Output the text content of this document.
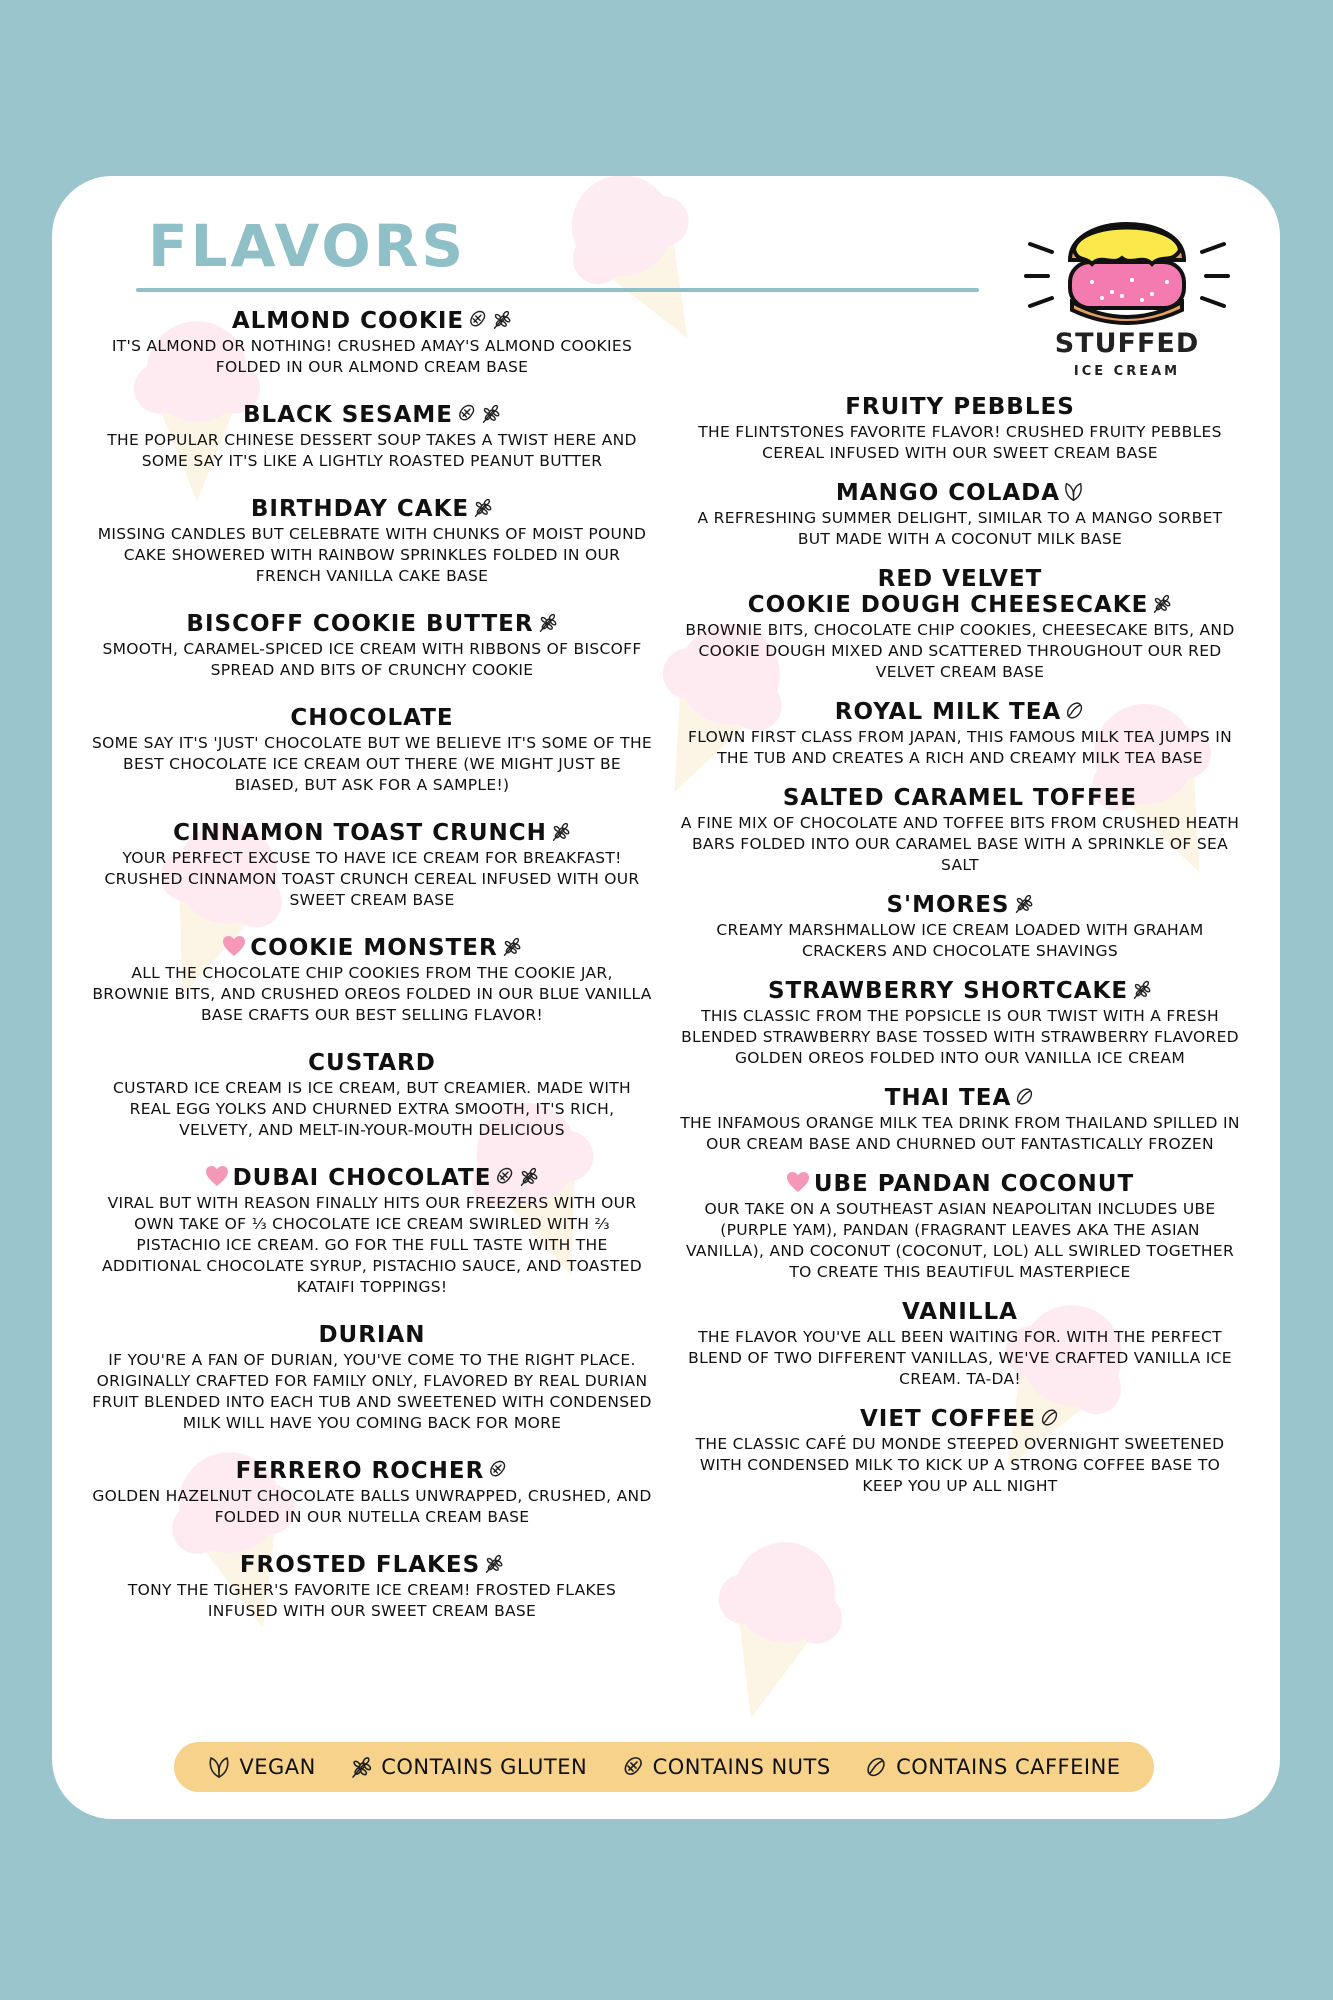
FLAVORS
STUFFED
ICE CREAM
ALMOND COOKIE
IT'S ALMOND OR NOTHING! CRUSHED AMAY'S ALMOND COOKIES FOLDED IN OUR ALMOND CREAM BASE
BLACK SESAME
THE POPULAR CHINESE DESSERT SOUP TAKES A TWIST HERE AND SOME SAY IT'S LIKE A LIGHTLY ROASTED PEANUT BUTTER
BIRTHDAY CAKE
MISSING CANDLES BUT CELEBRATE WITH CHUNKS OF MOIST POUND CAKE SHOWERED WITH RAINBOW SPRINKLES FOLDED IN OUR FRENCH VANILLA CAKE BASE
BISCOFF COOKIE BUTTER
SMOOTH, CARAMEL-SPICED ICE CREAM WITH RIBBONS OF BISCOFF SPREAD AND BITS OF CRUNCHY COOKIE
CHOCOLATE
SOME SAY IT'S 'JUST' CHOCOLATE BUT WE BELIEVE IT'S SOME OF THE BEST CHOCOLATE ICE CREAM OUT THERE (WE MIGHT JUST BE BIASED, BUT ASK FOR A SAMPLE!)
CINNAMON TOAST CRUNCH
YOUR PERFECT EXCUSE TO HAVE ICE CREAM FOR BREAKFAST! CRUSHED CINNAMON TOAST CRUNCH CEREAL INFUSED WITH OUR SWEET CREAM BASE
COOKIE MONSTER
ALL THE CHOCOLATE CHIP COOKIES FROM THE COOKIE JAR, BROWNIE BITS, AND CRUSHED OREOS FOLDED IN OUR BLUE VANILLA BASE CRAFTS OUR BEST SELLING FLAVOR!
CUSTARD
CUSTARD ICE CREAM IS ICE CREAM, BUT CREAMIER. MADE WITH REAL EGG YOLKS AND CHURNED EXTRA SMOOTH, IT'S RICH, VELVETY, AND MELT-IN-YOUR-MOUTH DELICIOUS
DUBAI CHOCOLATE
VIRAL BUT WITH REASON FINALLY HITS OUR FREEZERS WITH OUR OWN TAKE OF ⅓ CHOCOLATE ICE CREAM SWIRLED WITH ⅔ PISTACHIO ICE CREAM. GO FOR THE FULL TASTE WITH THE ADDITIONAL CHOCOLATE SYRUP, PISTACHIO SAUCE, AND TOASTED KATAIFI TOPPINGS!
DURIAN
IF YOU'RE A FAN OF DURIAN, YOU'VE COME TO THE RIGHT PLACE. ORIGINALLY CRAFTED FOR FAMILY ONLY, FLAVORED BY REAL DURIAN FRUIT BLENDED INTO EACH TUB AND SWEETENED WITH CONDENSED MILK WILL HAVE YOU COMING BACK FOR MORE
FERRERO ROCHER
GOLDEN HAZELNUT CHOCOLATE BALLS UNWRAPPED, CRUSHED, AND FOLDED IN OUR NUTELLA CREAM BASE
FROSTED FLAKES
TONY THE TIGHER'S FAVORITE ICE CREAM! FROSTED FLAKES INFUSED WITH OUR SWEET CREAM BASE
FRUITY PEBBLES
THE FLINTSTONES FAVORITE FLAVOR! CRUSHED FRUITY PEBBLES CEREAL INFUSED WITH OUR SWEET CREAM BASE
MANGO COLADA
A REFRESHING SUMMER DELIGHT, SIMILAR TO A MANGO SORBET BUT MADE WITH A COCONUT MILK BASE
RED VELVET
COOKIE DOUGH CHEESECAKE
BROWNIE BITS, CHOCOLATE CHIP COOKIES, CHEESECAKE BITS, AND COOKIE DOUGH MIXED AND SCATTERED THROUGHOUT OUR RED VELVET CREAM BASE
ROYAL MILK TEA
FLOWN FIRST CLASS FROM JAPAN, THIS FAMOUS MILK TEA JUMPS IN THE TUB AND CREATES A RICH AND CREAMY MILK TEA BASE
SALTED CARAMEL TOFFEE
A FINE MIX OF CHOCOLATE AND TOFFEE BITS FROM CRUSHED HEATH BARS FOLDED INTO OUR CARAMEL BASE WITH A SPRINKLE OF SEA SALT
S'MORES
CREAMY MARSHMALLOW ICE CREAM LOADED WITH GRAHAM CRACKERS AND CHOCOLATE SHAVINGS
STRAWBERRY SHORTCAKE
THIS CLASSIC FROM THE POPSICLE IS OUR TWIST WITH A FRESH BLENDED STRAWBERRY BASE TOSSED WITH STRAWBERRY FLAVORED GOLDEN OREOS FOLDED INTO OUR VANILLA ICE CREAM
THAI TEA
THE INFAMOUS ORANGE MILK TEA DRINK FROM THAILAND SPILLED IN OUR CREAM BASE AND CHURNED OUT FANTASTICALLY FROZEN
UBE PANDAN COCONUT
OUR TAKE ON A SOUTHEAST ASIAN NEAPOLITAN INCLUDES UBE (PURPLE YAM), PANDAN (FRAGRANT LEAVES AKA THE ASIAN VANILLA), AND COCONUT (COCONUT, LOL) ALL SWIRLED TOGETHER TO CREATE THIS BEAUTIFUL MASTERPIECE
VANILLA
THE FLAVOR YOU'VE ALL BEEN WAITING FOR. WITH THE PERFECT BLEND OF TWO DIFFERENT VANILLAS, WE'VE CRAFTED VANILLA ICE CREAM. TA-DA!
VIET COFFEE
THE CLASSIC CAFÉ DU MONDE STEEPED OVERNIGHT SWEETENED WITH CONDENSED MILK TO KICK UP A STRONG COFFEE BASE TO KEEP YOU UP ALL NIGHT
VEGAN	CONTAINS GLUTEN	CONTAINS NUTS	CONTAINS CAFFEINE
